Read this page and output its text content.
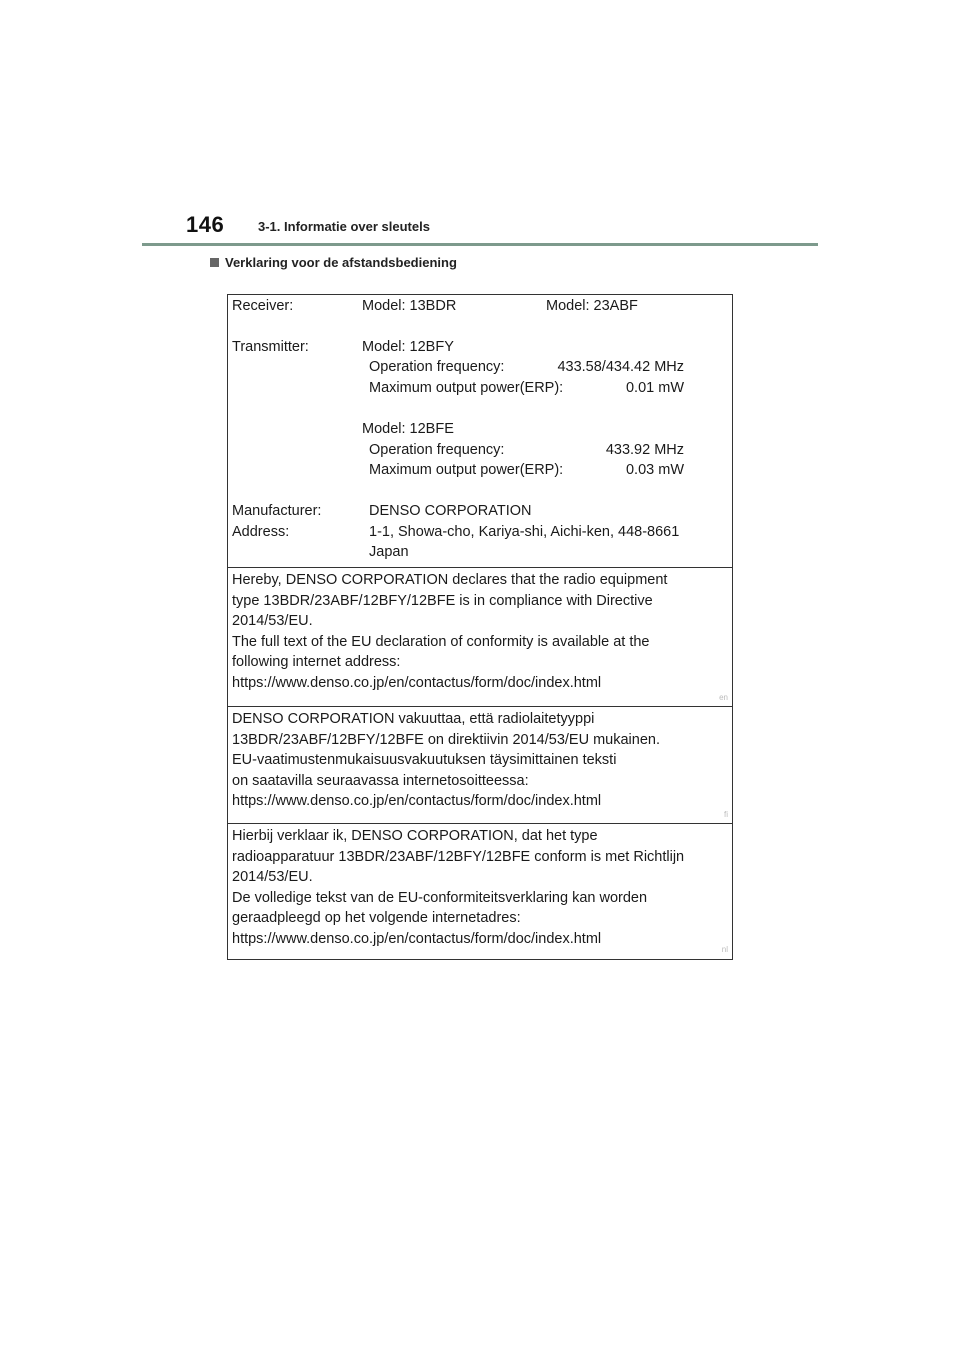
146	3-1. Informatie over sleutels
Verklaring voor de afstandsbediening
Receiver:	Model: 13BDR	Model: 23ABF
Transmitter:	Model: 12BFY
Operation frequency:	433.58/434.42 MHz
Maximum output power(ERP):	0.01 mW
Model: 12BFE
Operation frequency:	433.92 MHz
Maximum output power(ERP):	0.03 mW
Manufacturer:	DENSO CORPORATION
Address:	1-1, Showa-cho, Kariya-shi, Aichi-ken, 448-8661
Japan
Hereby, DENSO CORPORATION declares that the radio equipment
type 13BDR/23ABF/12BFY/12BFE is in compliance with Directive
2014/53/EU.
The full text of the EU declaration of conformity is available at the
following internet address:
https://www.denso.co.jp/en/contactus/form/doc/index.html
en
DENSO CORPORATION vakuuttaa, että radiolaitetyyppi
13BDR/23ABF/12BFY/12BFE on direktiivin 2014/53/EU mukainen.
EU-vaatimustenmukaisuusvakuutuksen täysimittainen teksti
on saatavilla seuraavassa internetosoitteessa:
https://www.denso.co.jp/en/contactus/form/doc/index.html
fi
Hierbij verklaar ik, DENSO CORPORATION, dat het type
radioapparatuur 13BDR/23ABF/12BFY/12BFE conform is met Richtlijn
2014/53/EU.
De volledige tekst van de EU-conformiteitsverklaring kan worden
geraadpleegd op het volgende internetadres:
https://www.denso.co.jp/en/contactus/form/doc/index.html
nl
